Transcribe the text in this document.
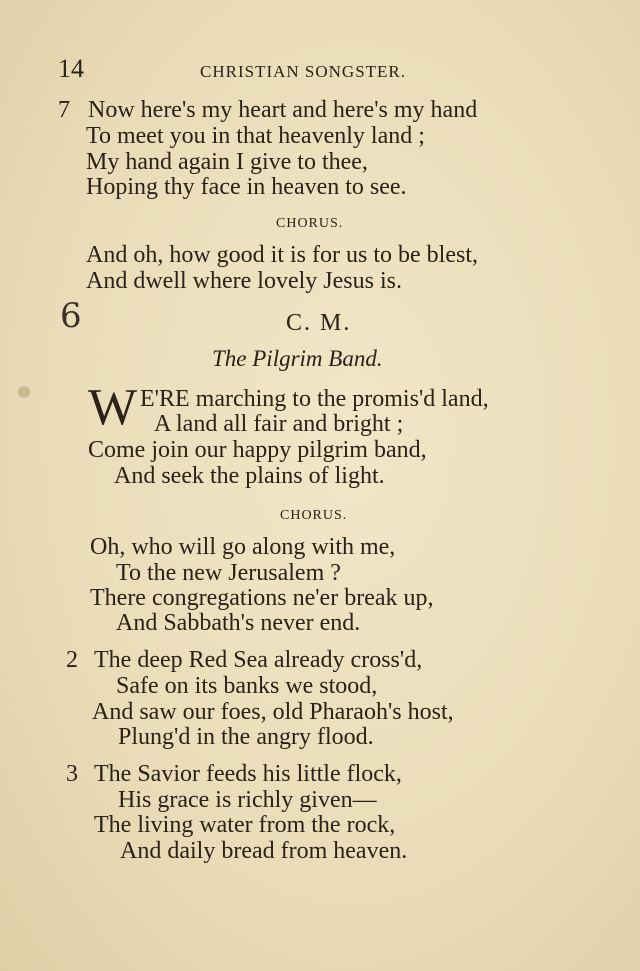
14	CHRISTIAN SONGSTER.
7 Now here's my heart and here's my hand
To meet you in that heavenly land ;
My hand again I give to thee,
Hoping thy face in heaven to see.
CHORUS.
And oh, how good it is for us to be blest,
And dwell where lovely Jesus is.
6	C. M.
The Pilgrim Band.
W E'RE marching to the promis'd land,
A land all fair and bright ;
Come join our happy pilgrim band,
And seek the plains of light.
CHORUS.
Oh, who will go along with me,
To the new Jerusalem ?
There congregations ne'er break up,
And Sabbath's never end.
2 The deep Red Sea already cross'd,
Safe on its banks we stood,
And saw our foes, old Pharaoh's host,
Plung'd in the angry flood.
3 The Savior feeds his little flock,
His grace is richly given—
The living water from the rock,
And daily bread from heaven.
